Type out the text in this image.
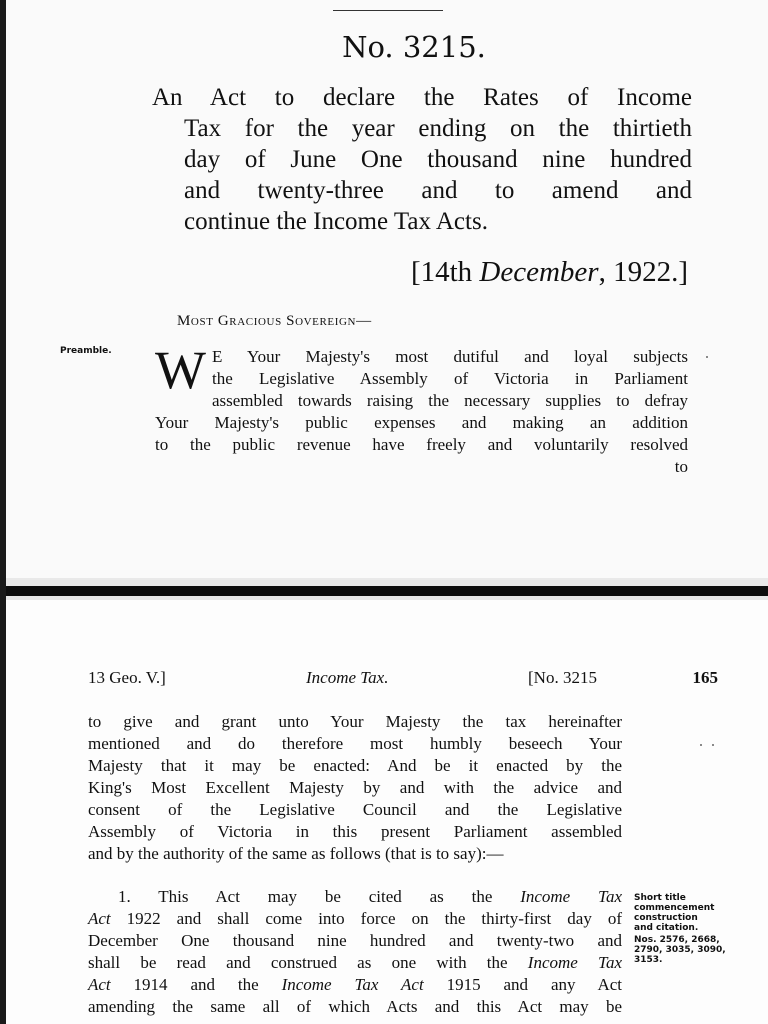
No. 3215.
An Act to declare the Rates of Income
Tax for the year ending on the thirtieth
day of June One thousand nine hundred
and twenty-three and to amend and
continue the Income Tax Acts.
[14th December, 1922.]
Most Gracious Sovereign—
Preamble. W E Your Majesty's most dutiful and loyal subjects
the Legislative Assembly of Victoria in Parliament
assembled towards raising the necessary supplies to defray
Your Majesty's public expenses and making an addition
to the public revenue have freely and voluntarily resolved
to
13 Geo. V.]	Income Tax.	[No. 3215	165
to give and grant unto Your Majesty the tax hereinafter
mentioned and do therefore most humbly beseech Your
Majesty that it may be enacted: And be it enacted by the
King's Most Excellent Majesty by and with the advice and
consent of the Legislative Council and the Legislative
Assembly of Victoria in this present Parliament assembled
and by the authority of the same as follows (that is to say):—
1. This Act may be cited as the Income Tax
Act 1922 and shall come into force on the thirty-first day of
December One thousand nine hundred and twenty-two and
shall be read and construed as one with the Income Tax
Act 1914 and the Income Tax Act 1915 and any Act
amending the same all of which Acts and this Act may be
Short title
commencement
construction
and citation.
Nos. 2576, 2668,
2790, 3035, 3090,
3153.
